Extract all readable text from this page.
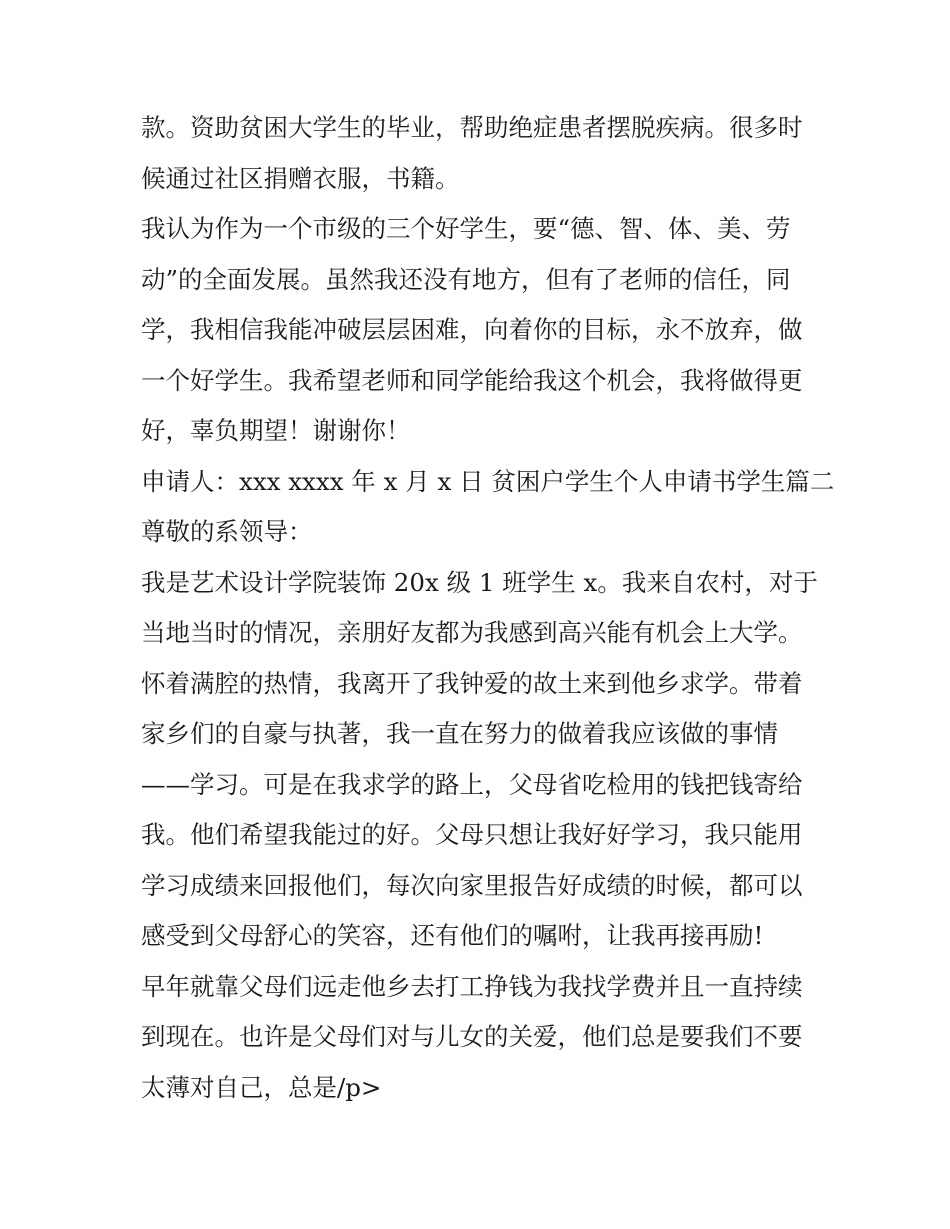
款。资助贫困大学生的毕业，帮助绝症患者摆脱疾病。很多时
候通过社区捐赠衣服，书籍。
我认为作为一个市级的三个好学生，要“德、智、体、美、劳
动”的全面发展。虽然我还没有地方，但有了老师的信任，同
学，我相信我能冲破层层困难，向着你的目标，永不放弃，做
一个好学生。我希望老师和同学能给我这个机会，我将做得更
好，辜负期望！谢谢你！
申请人：xxx xxxx 年 x 月 x 日 贫困户学生个人申请书学生篇二
尊敬的系领导：
我是艺术设计学院装饰 20x 级 1 班学生 x。我来自农村，对于
当地当时的情况，亲朋好友都为我感到高兴能有机会上大学。
怀着满腔的热情，我离开了我钟爱的故土来到他乡求学。带着
家乡们的自豪与执著，我一直在努力的做着我应该做的事情
——学习。可是在我求学的路上，父母省吃检用的钱把钱寄给
我。他们希望我能过的好。父母只想让我好好学习，我只能用
学习成绩来回报他们，每次向家里报告好成绩的时候，都可以
感受到父母舒心的笑容，还有他们的嘱咐，让我再接再励!
早年就靠父母们远走他乡去打工挣钱为我找学费并且一直持续
到现在。也许是父母们对与儿女的关爱，他们总是要我们不要
太薄对自己，总是/p>
